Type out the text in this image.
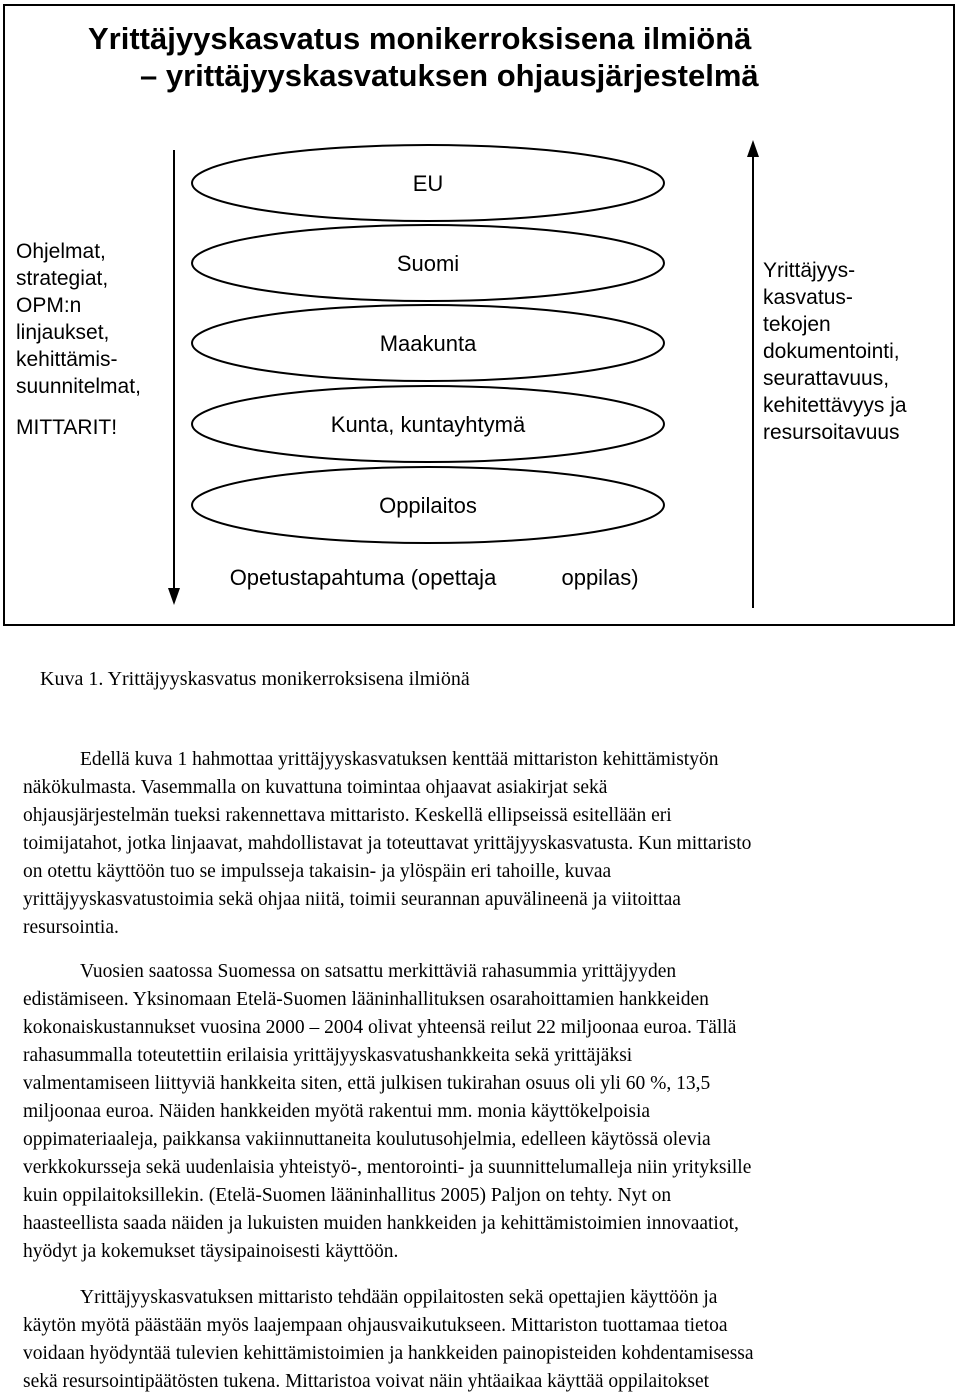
Yrittäjyyskasvatus monikerroksisena ilmiönä
– yrittäjyyskasvatuksen ohjausjärjestelmä
Ohjelmat,
strategiat,
OPM:n
linjaukset,
kehittämis-
suunnitelmat,
MITTARIT!
Yrittäjyys-
kasvatus-
tekojen
dokumentointi,
seurattavuus,
kehitettävyys ja
resursoitavuus
EU
Suomi
Maakunta
Kunta, kuntayhtymä
Oppilaitos
Opetustapahtuma (opettaja	oppilas)
Kuva 1. Yrittäjyyskasvatus monikerroksisena ilmiönä
Edellä kuva 1 hahmottaa yrittäjyyskasvatuksen kenttää mittariston kehittämistyön
näkökulmasta. Vasemmalla on kuvattuna toimintaa ohjaavat asiakirjat sekä
ohjausjärjestelmän tueksi rakennettava mittaristo. Keskellä ellipseissä esitellään eri
toimijatahot, jotka linjaavat, mahdollistavat ja toteuttavat yrittäjyyskasvatusta. Kun mittaristo
on otettu käyttöön tuo se impulsseja takaisin- ja ylöspäin eri tahoille, kuvaa
yrittäjyyskasvatustoimia sekä ohjaa niitä, toimii seurannan apuvälineenä ja viitoittaa
resursointia.
Vuosien saatossa Suomessa on satsattu merkittäviä rahasummia yrittäjyyden
edistämiseen. Yksinomaan Etelä-Suomen lääninhallituksen osarahoittamien hankkeiden
kokonaiskustannukset vuosina 2000 – 2004 olivat yhteensä reilut 22 miljoonaa euroa. Tällä
rahasummalla toteutettiin erilaisia yrittäjyyskasvatushankkeita sekä yrittäjäksi
valmentamiseen liittyviä hankkeita siten, että julkisen tukirahan osuus oli yli 60 %, 13,5
miljoonaa euroa. Näiden hankkeiden myötä rakentui mm. monia käyttökelpoisia
oppimateriaaleja, paikkansa vakiinnuttaneita koulutusohjelmia, edelleen käytössä olevia
verkkokursseja sekä uudenlaisia yhteistyö-, mentorointi- ja suunnittelumalleja niin yrityksille
kuin oppilaitoksillekin. (Etelä-Suomen lääninhallitus 2005) Paljon on tehty. Nyt on
haasteellista saada näiden ja lukuisten muiden hankkeiden ja kehittämistoimien innovaatiot,
hyödyt ja kokemukset täysipainoisesti käyttöön.
Yrittäjyyskasvatuksen mittaristo tehdään oppilaitosten sekä opettajien käyttöön ja
käytön myötä päästään myös laajempaan ohjausvaikutukseen. Mittariston tuottamaa tietoa
voidaan hyödyntää tulevien kehittämistoimien ja hankkeiden painopisteiden kohdentamisessa
sekä resursointipäätösten tukena. Mittaristoa voivat näin yhtäaikaa käyttää oppilaitokset
